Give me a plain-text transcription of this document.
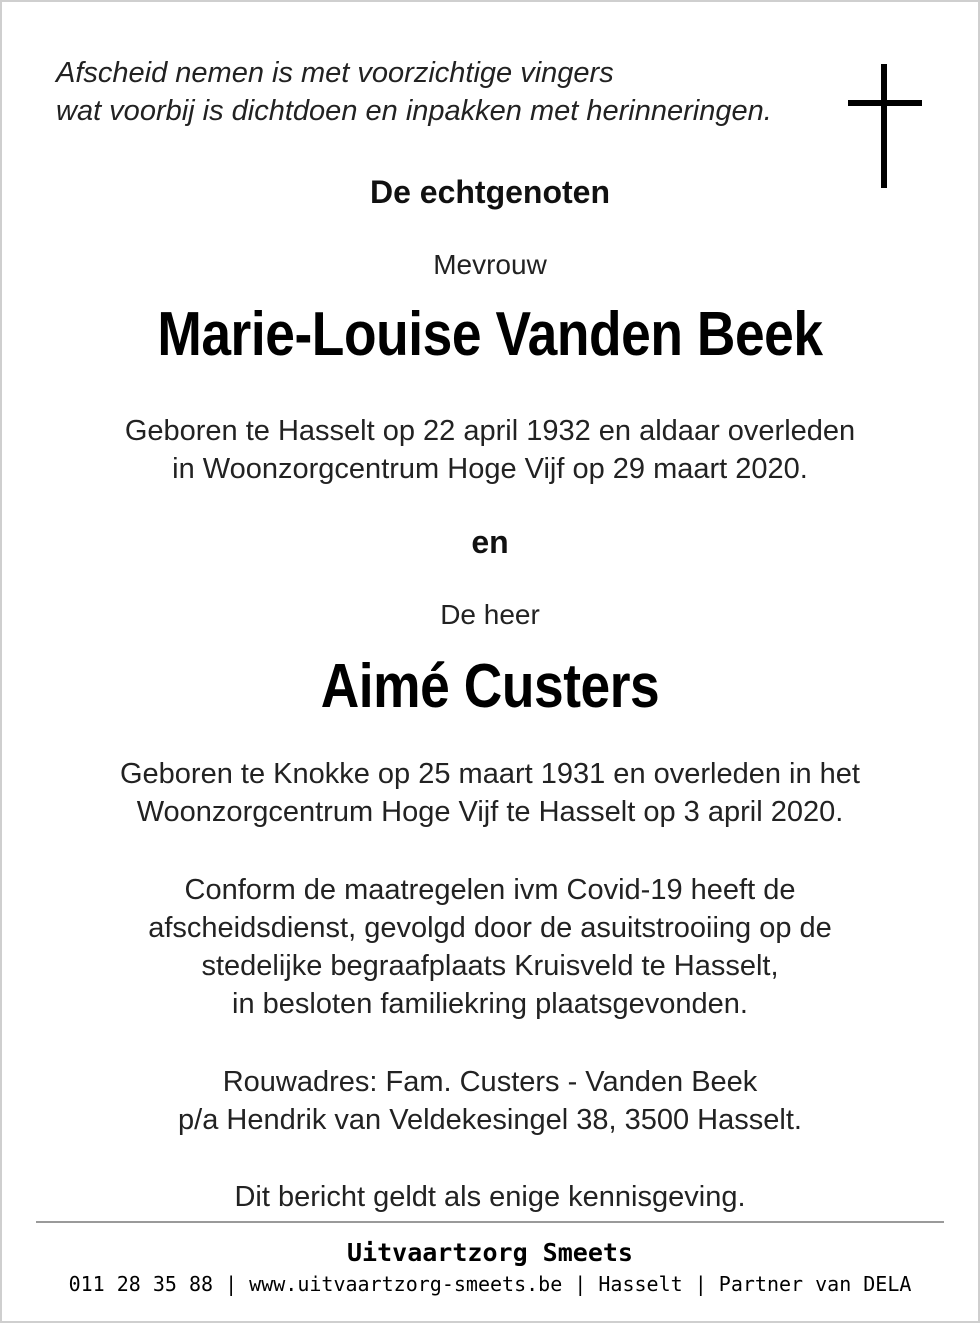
Afscheid nemen is met voorzichtige vingers
wat voorbij is dichtdoen en inpakken met herinneringen.
De echtgenoten
Mevrouw
Marie-Louise Vanden Beek
Geboren te Hasselt op 22 april 1932 en aldaar overleden
in Woonzorgcentrum Hoge Vijf op 29 maart 2020.
en
De heer
Aimé Custers
Geboren te Knokke op 25 maart 1931 en overleden in het
Woonzorgcentrum Hoge Vijf te Hasselt op 3 april 2020.
Conform de maatregelen ivm Covid-19 heeft de
afscheidsdienst, gevolgd door de asuitstrooiing op de
stedelijke begraafplaats Kruisveld te Hasselt,
in besloten familiekring plaatsgevonden.
Rouwadres: Fam. Custers - Vanden Beek
p/a Hendrik van Veldekesingel 38, 3500 Hasselt.
Dit bericht geldt als enige kennisgeving.
Uitvaartzorg Smeets
011 28 35 88 | www.uitvaartzorg-smeets.be | Hasselt | Partner van DELA
